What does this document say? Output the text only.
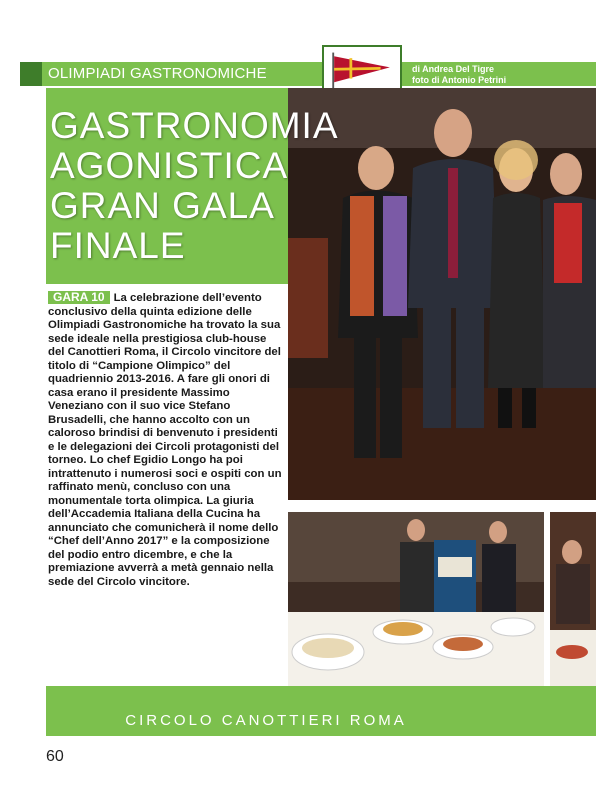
OLIMPIADI GASTRONOMICHE	di Andrea Del Tigre
foto di Antonio Petrini
GASTRONOMIA
AGONISTICA
GRAN GALA
FINALE
GARA 10 La celebrazione dell’evento conclusivo della quinta edizione delle Olimpiadi Gastronomiche ha trovato la sua sede ideale nella prestigiosa club-house del Canottieri Roma, il Circolo vincitore del titolo di “Campione Olimpico” del quadriennio 2013-2016. A fare gli onori di casa erano il presidente Massimo Veneziano con il suo vice Stefano Brusadelli, che hanno accolto con un caloroso brindisi di benvenuto i presidenti e le delegazioni dei Circoli protagonisti del torneo. Lo chef Egidio Longo ha poi intrattenuto i numerosi soci e ospiti con un raffinato menù, concluso con una monumentale torta olimpica. La giuria dell’Accademia Italiana della Cucina ha annunciato che comunicherà il nome dello “Chef dell’Anno 2017” e la composizione del podio entro dicembre, e che la premiazione avverrà a metà gennaio nella sede del Circolo vincitore.
CIRCOLO CANOTTIERI ROMA
60
